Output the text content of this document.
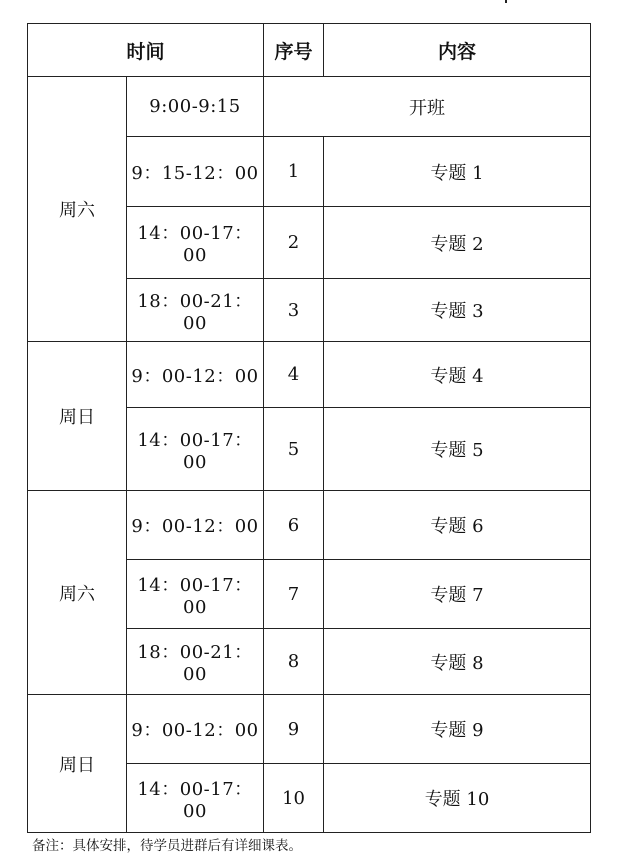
时间		序号	内容
周六	9:00-9:15	开班	
	9：15-12：00	1	专题 1
	14：00-17：00	2	专题 2
	18：00-21：00	3	专题 3
周日	9：00-12：00	4	专题 4
	14：00-17：00	5	专题 5
周六	9：00-12：00	6	专题 6
	14：00-17：00	7	专题 7
	18：00-21：00	8	专题 8
周日	9：00-12：00	9	专题 9
	14：00-17：00	10	专题 10
备注：具体安排，待学员进群后有详细课表。
